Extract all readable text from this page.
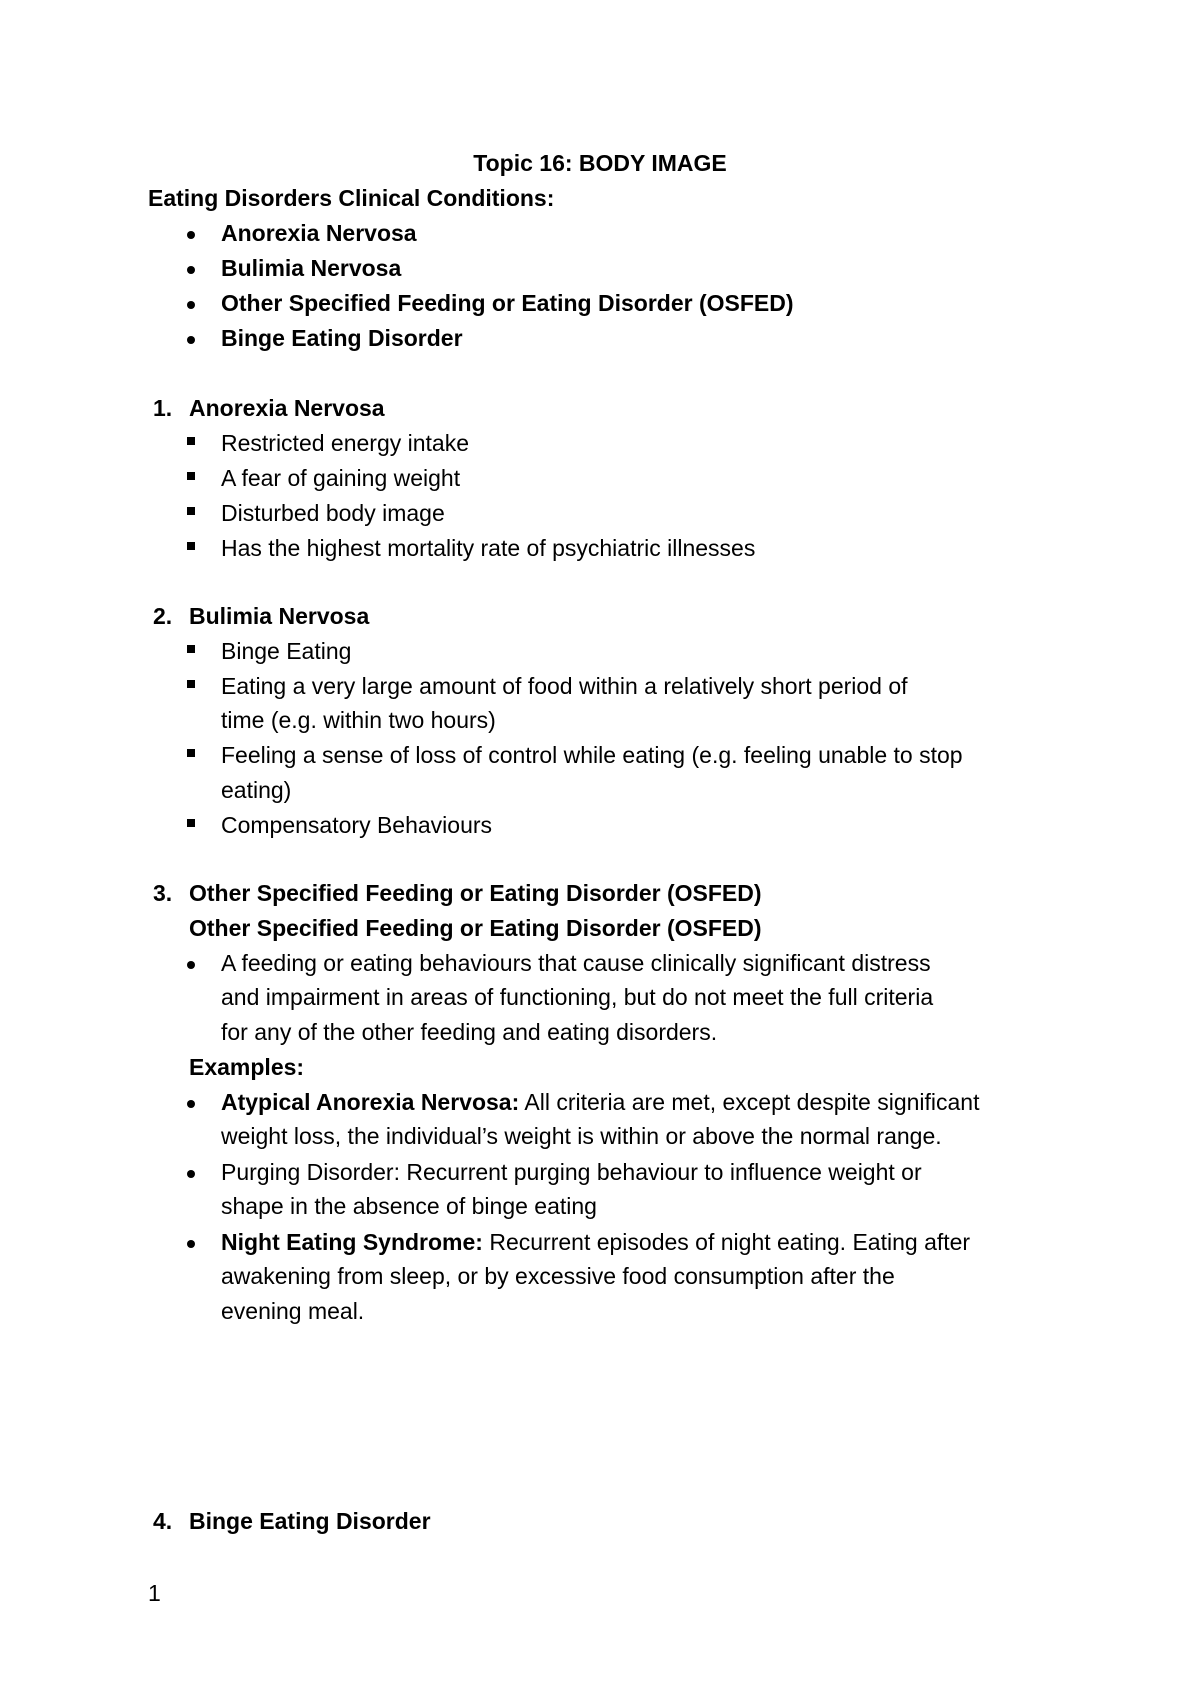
Topic 16: BODY IMAGE
Eating Disorders Clinical Conditions:
Anorexia Nervosa
Bulimia Nervosa
Other Specified Feeding or Eating Disorder (OSFED)
Binge Eating Disorder
1. Anorexia Nervosa
Restricted energy intake
A fear of gaining weight
Disturbed body image
Has the highest mortality rate of psychiatric illnesses
2. Bulimia Nervosa
Binge Eating
Eating a very large amount of food within a relatively short period of
time (e.g. within two hours)
Feeling a sense of loss of control while eating (e.g. feeling unable to stop
eating)
Compensatory Behaviours
3. Other Specified Feeding or Eating Disorder (OSFED)
Other Specified Feeding or Eating Disorder (OSFED)
A feeding or eating behaviours that cause clinically significant distress
and impairment in areas of functioning, but do not meet the full criteria
for any of the other feeding and eating disorders.
Examples:
Atypical Anorexia Nervosa: All criteria are met, except despite significant
weight loss, the individual’s weight is within or above the normal range.
Purging Disorder: Recurrent purging behaviour to influence weight or
shape in the absence of binge eating
Night Eating Syndrome: Recurrent episodes of night eating. Eating after
awakening from sleep, or by excessive food consumption after the
evening meal.
4. Binge Eating Disorder
1
